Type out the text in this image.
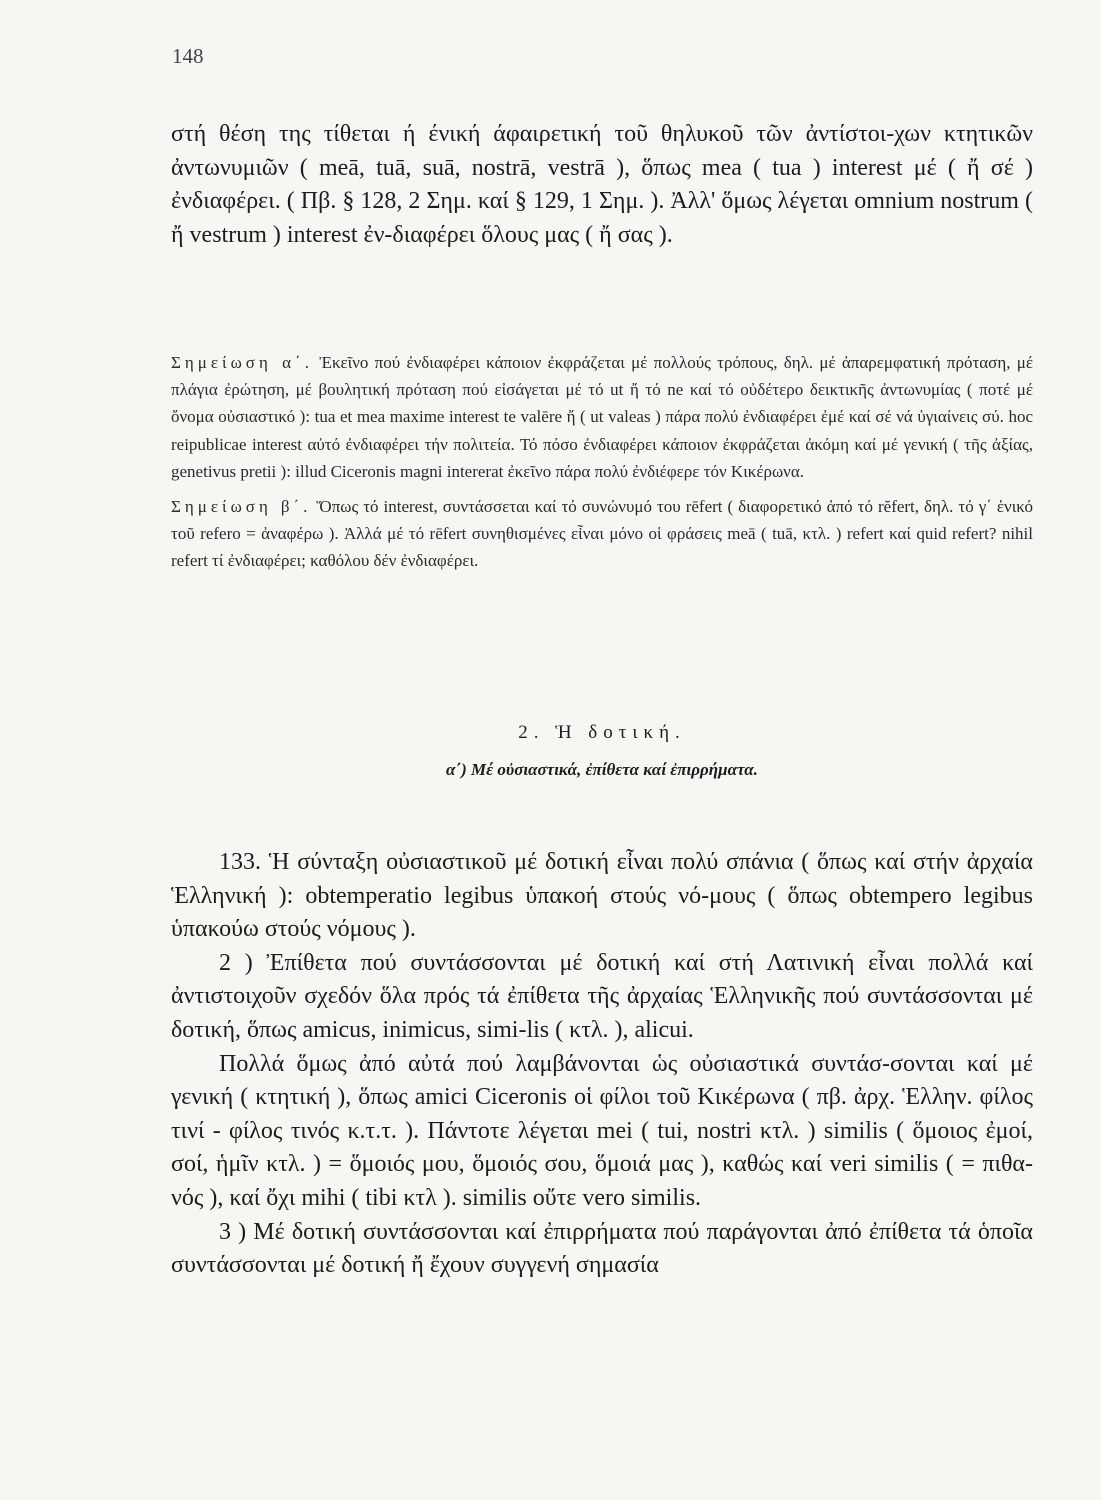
148

στή θέση της τίθεται ή ένική άφαιρετική τοῦ θηλυκοῦ τῶν ἀντίστοι-χων κτητικῶν ἀντωνυμιῶν ( meā, tuā, suā, nostrā, vestrā ), ὅπως mea ( tua ) interest μέ ( ἤ σέ ) ἐνδιαφέρει. ( Πβ. § 128, 2 Σημ. καί § 129, 1 Σημ. ). Ἀλλ' ὅμως λέγεται omnium nostrum ( ἤ vestrum ) interest ἐν-διαφέρει ὅλους μας ( ἤ σας ).

Σημείωση α΄. Ἐκεῖνο πού ἐνδιαφέρει κάποιον ἐκφράζεται μέ πολλούς τρόπους, δηλ. μέ ἀπαρεμφατική πρόταση, μέ πλάγια ἐρώτηση, μέ βουλητική πρόταση πού εἰσάγεται μέ τό ut ἤ τό ne καί τό οὐδέτερο δεικτικῆς ἀντωνυμίας ( ποτέ μέ ὄνομα οὐσιαστικό ): tua et mea maxime interest te valēre ἤ ( ut valeas ) πάρα πολύ ἐνδιαφέρει ἐμέ καί σέ νά ὑγιαίνεις σύ. hoc reipublicae interest αὐτό ἐνδιαφέρει τήν πολιτεία. Τό πόσο ἐνδιαφέρει κάποιον ἐκφράζεται ἀκόμη καί μέ γενική ( τῆς ἀξίας, genetivus pretii ): illud Ciceronis magni intererat ἐκεῖνο πάρα πολύ ἐνδιέφερε τόν Κικέρωνα.

Σημείωση β΄. Ὅπως τό interest, συντάσσεται καί τό συνώνυμό του rēfert ( διαφορετικό ἀπό τό rĕfert, δηλ. τό γ΄ ἑνικό τοῦ refero = ἀναφέρω ). Ἀλλά μέ τό rēfert συνηθισμένες εἶναι μόνο οἱ φράσεις meā ( tuā, κτλ. ) refert καί quid refert? nihil refert τί ἐνδιαφέρει; καθόλου δέν ἐνδιαφέρει.

2. Ἡ δοτική.
α΄) Μέ οὐσιαστικά, ἐπίθετα καί ἐπιρρήματα.

133. Ἡ σύνταξη οὐσιαστικοῦ μέ δοτική εἶναι πολύ σπάνια ( ὅπως καί στήν ἀρχαία Ἑλληνική ): obtemperatio legibus ὑπακοή στούς νό-μους ( ὅπως obtempero legibus ὑπακούω στούς νόμους ).

2 ) Ἐπίθετα πού συντάσσονται μέ δοτική καί στή Λατινική εἶναι πολλά καί ἀντιστοιχοῦν σχεδόν ὅλα πρός τά ἐπίθετα τῆς ἀρχαίας Ἑλληνικῆς πού συντάσσονται μέ δοτική, ὅπως amicus, inimicus, simi-lis ( κτλ. ), alicui.

Πολλά ὅμως ἀπό αὐτά πού λαμβάνονται ὡς οὐσιαστικά συντάσ-σονται καί μέ γενική ( κτητική ), ὅπως amici Ciceronis οἱ φίλοι τοῦ Κικέρωνα ( πβ. ἀρχ. Ἑλλην. φίλος τινί - φίλος τινός κ.τ.τ. ). Πάντοτε λέγεται mei ( tui, nostri κτλ. ) similis ( ὅμοιος ἐμοί, σοί, ἡμῖν κτλ. ) = ὅμοιός μου, ὅμοιός σου, ὅμοιά μας ), καθώς καί veri similis ( = πιθα-νός ), καί ὄχι mihi ( tibi κτλ ). similis οὔτε vero similis.

3 ) Μέ δοτική συντάσσονται καί ἐπιρρήματα πού παράγονται ἀπό ἐπίθετα τά ὁποῖα συντάσσονται μέ δοτική ἤ ἔχουν συγγενή σημασία
